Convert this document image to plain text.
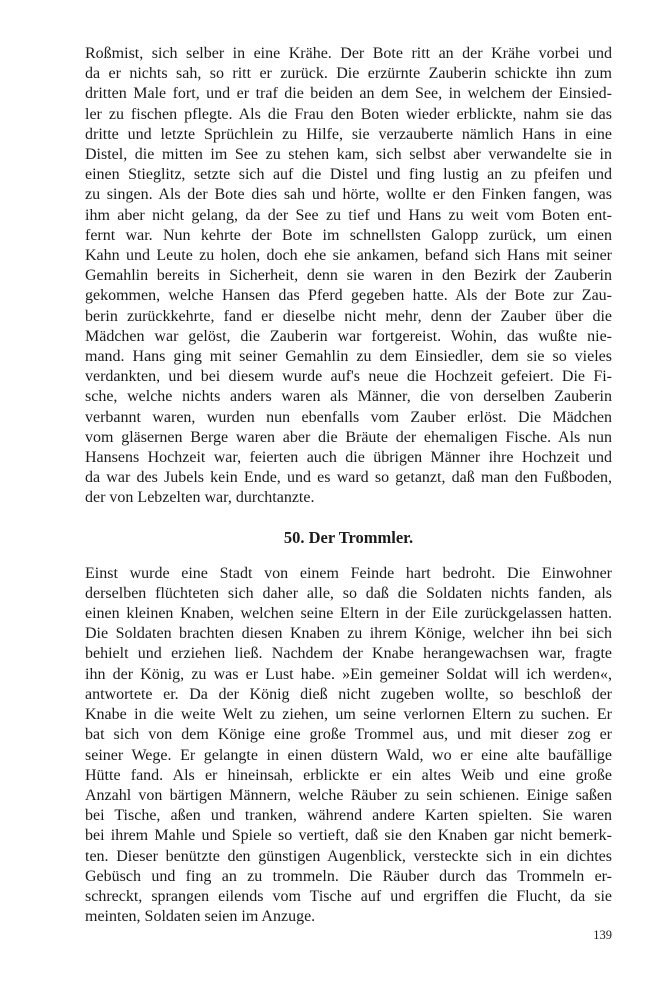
Roßmist, sich selber in eine Krähe. Der Bote ritt an der Krähe vorbei und
da er nichts sah, so ritt er zurück. Die erzürnte Zauberin schickte ihn zum
dritten Male fort, und er traf die beiden an dem See, in welchem der Einsied-
ler zu fischen pflegte. Als die Frau den Boten wieder erblickte, nahm sie das
dritte und letzte Sprüchlein zu Hilfe, sie verzauberte nämlich Hans in eine
Distel, die mitten im See zu stehen kam, sich selbst aber verwandelte sie in
einen Stieglitz, setzte sich auf die Distel und fing lustig an zu pfeifen und
zu singen. Als der Bote dies sah und hörte, wollte er den Finken fangen, was
ihm aber nicht gelang, da der See zu tief und Hans zu weit vom Boten ent-
fernt war. Nun kehrte der Bote im schnellsten Galopp zurück, um einen
Kahn und Leute zu holen, doch ehe sie ankamen, befand sich Hans mit seiner
Gemahlin bereits in Sicherheit, denn sie waren in den Bezirk der Zauberin
gekommen, welche Hansen das Pferd gegeben hatte. Als der Bote zur Zau-
berin zurückkehrte, fand er dieselbe nicht mehr, denn der Zauber über die
Mädchen war gelöst, die Zauberin war fortgereist. Wohin, das wußte nie-
mand. Hans ging mit seiner Gemahlin zu dem Einsiedler, dem sie so vieles
verdankten, und bei diesem wurde auf's neue die Hochzeit gefeiert. Die Fi-
sche, welche nichts anders waren als Männer, die von derselben Zauberin
verbannt waren, wurden nun ebenfalls vom Zauber erlöst. Die Mädchen
vom gläsernen Berge waren aber die Bräute der ehemaligen Fische. Als nun
Hansens Hochzeit war, feierten auch die übrigen Männer ihre Hochzeit und
da war des Jubels kein Ende, und es ward so getanzt, daß man den Fußboden,
der von Lebzelten war, durchtanzte.
50. Der Trommler.
Einst wurde eine Stadt von einem Feinde hart bedroht. Die Einwohner
derselben flüchteten sich daher alle, so daß die Soldaten nichts fanden, als
einen kleinen Knaben, welchen seine Eltern in der Eile zurückgelassen hatten.
Die Soldaten brachten diesen Knaben zu ihrem Könige, welcher ihn bei sich
behielt und erziehen ließ. Nachdem der Knabe herangewachsen war, fragte
ihn der König, zu was er Lust habe. »Ein gemeiner Soldat will ich werden«,
antwortete er. Da der König dieß nicht zugeben wollte, so beschloß der
Knabe in die weite Welt zu ziehen, um seine verlornen Eltern zu suchen. Er
bat sich von dem Könige eine große Trommel aus, und mit dieser zog er
seiner Wege. Er gelangte in einen düstern Wald, wo er eine alte baufällige
Hütte fand. Als er hineinsah, erblickte er ein altes Weib und eine große
Anzahl von bärtigen Männern, welche Räuber zu sein schienen. Einige saßen
bei Tische, aßen und tranken, während andere Karten spielten. Sie waren
bei ihrem Mahle und Spiele so vertieft, daß sie den Knaben gar nicht bemerk-
ten. Dieser benützte den günstigen Augenblick, versteckte sich in ein dichtes
Gebüsch und fing an zu trommeln. Die Räuber durch das Trommeln er-
schreckt, sprangen eilends vom Tische auf und ergriffen die Flucht, da sie
meinten, Soldaten seien im Anzuge.
139
